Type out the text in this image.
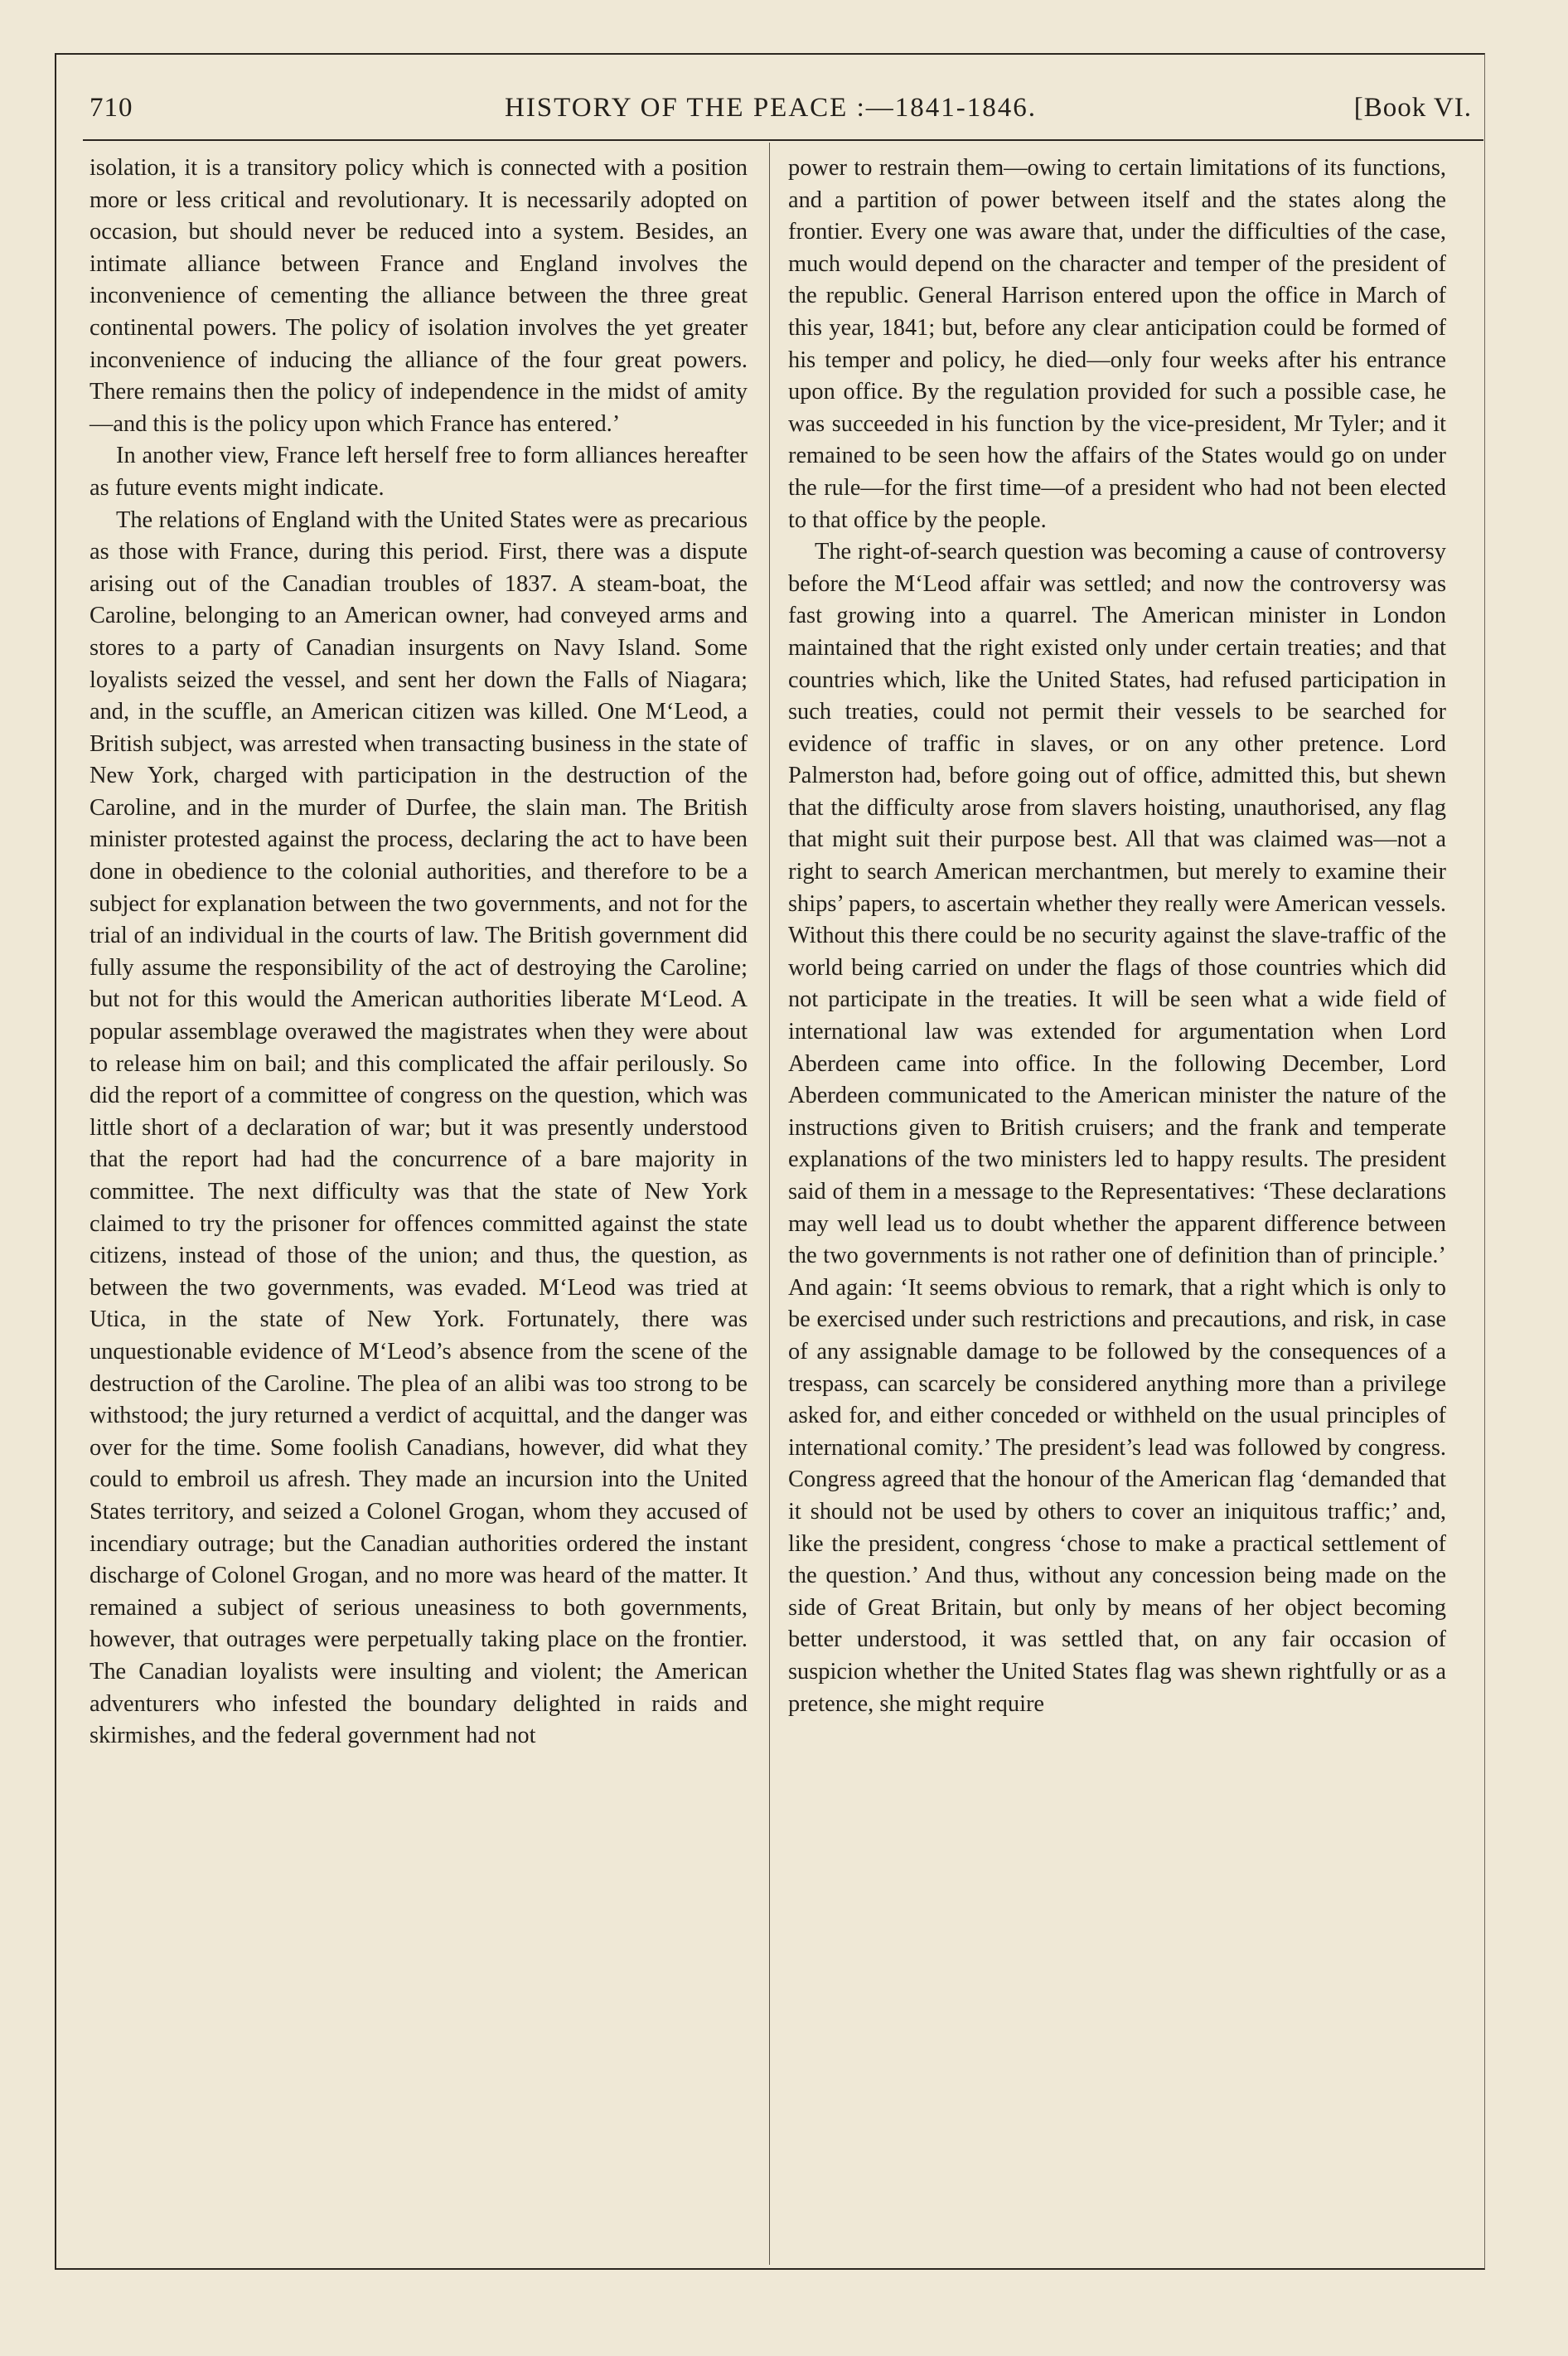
710	HISTORY OF THE PEACE :—1841-1846.	[Book VI.

isolation, it is a transitory policy which is connected with a position more or less critical and revolutionary. It is necessarily adopted on occasion, but should never be reduced into a system. Besides, an intimate alliance between France and England involves the inconvenience of cementing the alliance between the three great continental powers. The policy of isolation involves the yet greater inconvenience of inducing the alliance of the four great powers. There remains then the policy of independence in the midst of amity—and this is the policy upon which France has entered.’

In another view, France left herself free to form alliances hereafter as future events might indicate.

The relations of England with the United States were as precarious as those with France, during this period. First, there was a dispute arising out of the Canadian troubles of 1837. A steam-boat, the Caroline, belonging to an American owner, had conveyed arms and stores to a party of Canadian insurgents on Navy Island. Some loyalists seized the vessel, and sent her down the Falls of Niagara; and, in the scuffle, an American citizen was killed. One M‘Leod, a British subject, was arrested when transacting business in the state of New York, charged with participation in the destruction of the Caroline, and in the murder of Durfee, the slain man. The British minister protested against the process, declaring the act to have been done in obedience to the colonial authorities, and therefore to be a subject for explanation between the two governments, and not for the trial of an individual in the courts of law. The British government did fully assume the responsibility of the act of destroying the Caroline; but not for this would the American authorities liberate M‘Leod. A popular assemblage overawed the magistrates when they were about to release him on bail; and this complicated the affair perilously. So did the report of a committee of congress on the question, which was little short of a declaration of war; but it was presently understood that the report had had the concurrence of a bare majority in committee. The next difficulty was that the state of New York claimed to try the prisoner for offences committed against the state citizens, instead of those of the union; and thus, the question, as between the two governments, was evaded. M‘Leod was tried at Utica, in the state of New York. Fortunately, there was unquestionable evidence of M‘Leod’s absence from the scene of the destruction of the Caroline. The plea of an alibi was too strong to be withstood; the jury returned a verdict of acquittal, and the danger was over for the time. Some foolish Canadians, however, did what they could to embroil us afresh. They made an incursion into the United States territory, and seized a Colonel Grogan, whom they accused of incendiary outrage; but the Canadian authorities ordered the instant discharge of Colonel Grogan, and no more was heard of the matter. It remained a subject of serious uneasiness to both governments, however, that outrages were perpetually taking place on the frontier. The Canadian loyalists were insulting and violent; the American adventurers who infested the boundary delighted in raids and skirmishes, and the federal government had not

power to restrain them—owing to certain limitations of its functions, and a partition of power between itself and the states along the frontier. Every one was aware that, under the difficulties of the case, much would depend on the character and temper of the president of the republic. General Harrison entered upon the office in March of this year, 1841; but, before any clear anticipation could be formed of his temper and policy, he died—only four weeks after his entrance upon office. By the regulation provided for such a possible case, he was succeeded in his function by the vice-president, Mr Tyler; and it remained to be seen how the affairs of the States would go on under the rule—for the first time—of a president who had not been elected to that office by the people.

The right-of-search question was becoming a cause of controversy before the M‘Leod affair was settled; and now the controversy was fast growing into a quarrel. The American minister in London maintained that the right existed only under certain treaties; and that countries which, like the United States, had refused participation in such treaties, could not permit their vessels to be searched for evidence of traffic in slaves, or on any other pretence. Lord Palmerston had, before going out of office, admitted this, but shewn that the difficulty arose from slavers hoisting, unauthorised, any flag that might suit their purpose best. All that was claimed was—not a right to search American merchantmen, but merely to examine their ships’ papers, to ascertain whether they really were American vessels. Without this there could be no security against the slave-traffic of the world being carried on under the flags of those countries which did not participate in the treaties. It will be seen what a wide field of international law was extended for argumentation when Lord Aberdeen came into office. In the following December, Lord Aberdeen communicated to the American minister the nature of the instructions given to British cruisers; and the frank and temperate explanations of the two ministers led to happy results. The president said of them in a message to the Representatives: ‘These declarations may well lead us to doubt whether the apparent difference between the two governments is not rather one of definition than of principle.’ And again: ‘It seems obvious to remark, that a right which is only to be exercised under such restrictions and precautions, and risk, in case of any assignable damage to be followed by the consequences of a trespass, can scarcely be considered anything more than a privilege asked for, and either conceded or withheld on the usual principles of international comity.’ The president’s lead was followed by congress. Congress agreed that the honour of the American flag ‘demanded that it should not be used by others to cover an iniquitous traffic;’ and, like the president, congress ‘chose to make a practical settlement of the question.’ And thus, without any concession being made on the side of Great Britain, but only by means of her object becoming better understood, it was settled that, on any fair occasion of suspicion whether the United States flag was shewn rightfully or as a pretence, she might require
